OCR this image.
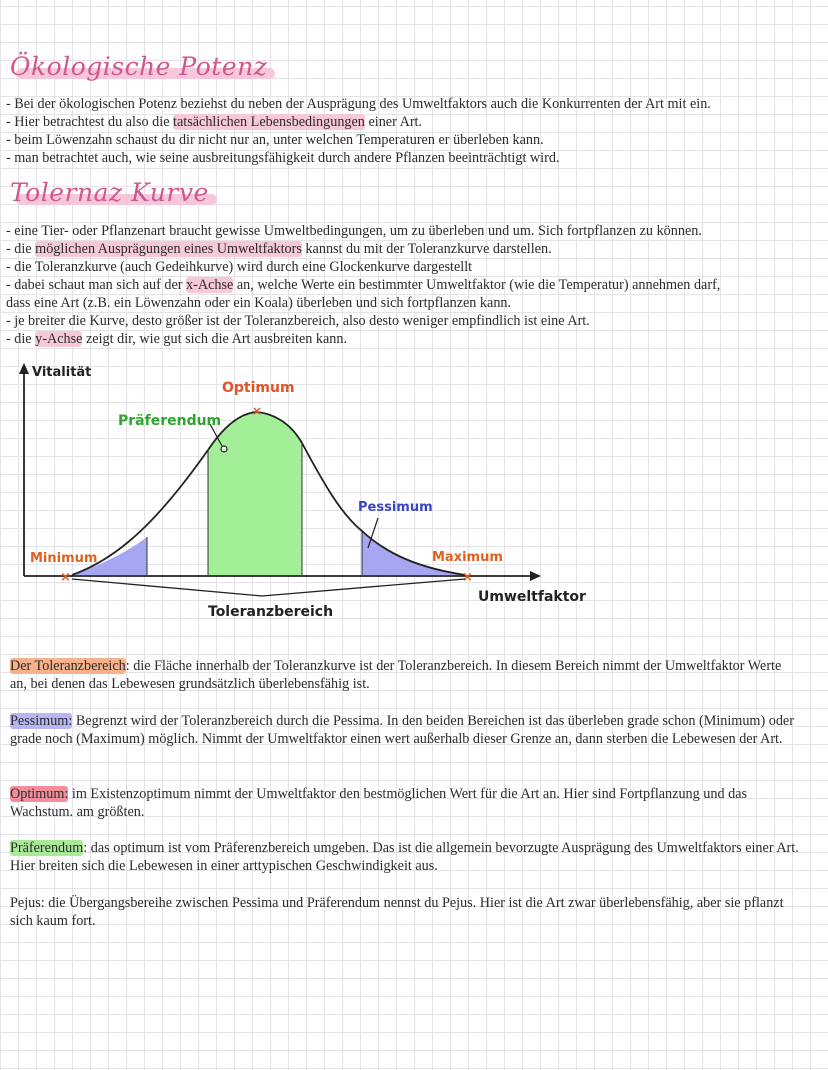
Ökologische Potenz
- Bei der ökologischen Potenz beziehst du neben der Ausprägung des Umweltfaktors auch die Konkurrenten der Art mit ein.
- Hier betrachtest du also die tatsächlichen Lebensbedingungen einer Art.
- beim Löwenzahn schaust du dir nicht nur an, unter welchen Temperaturen er überleben kann.
- man betrachtet auch, wie seine ausbreitungsfähigkeit durch andere Pflanzen beeinträchtigt wird.
Tolernaz Kurve
- eine Tier- oder Pflanzenart braucht gewisse Umweltbedingungen, um zu überleben und um. Sich fortpflanzen zu können.
- die möglichen Ausprägungen eines Umweltfaktors kannst du mit der Toleranzkurve darstellen.
- die Toleranzkurve (auch Gedeihkurve) wird durch eine Glockenkurve dargestellt
- dabei schaut man sich auf der x-Achse an, welche Werte ein bestimmter Umweltfaktor (wie die Temperatur) annehmen darf,
dass eine Art (z.B. ein Löwenzahn oder ein Koala) überleben und sich fortpflanzen kann.
- je breiter die Kurve, desto größer ist der Toleranzbereich, also desto weniger empfindlich ist eine Art.
- die y-Achse zeigt dir, wie gut sich die Art ausbreiten kann.
×	×
×
Vitalität
Optimum
Präferendum
Pessimum
Minimum	Maximum
Umweltfaktor
Toleranzbereich

Der Toleranzbereich: die Fläche innerhalb der Toleranzkurve ist der Toleranzbereich. In diesem Bereich nimmt der Umweltfaktor Werte an, bei denen das Lebewesen grundsätzlich überlebensfähig ist.

Pessimum: Begrenzt wird der Toleranzbereich durch die Pessima. In den beiden Bereichen ist das überleben grade schon (Minimum) oder grade noch (Maximum) möglich. Nimmt der Umweltfaktor einen wert außerhalb dieser Grenze an, dann sterben die Lebewesen der Art.

Optimum: im Existenzoptimum nimmt der Umweltfaktor den bestmöglichen Wert für die Art an. Hier sind Fortpflanzung und das Wachstum. am größten.

Präferendum: das optimum ist vom Präferenzbereich umgeben. Das ist die allgemein bevorzugte Ausprägung des Umweltfaktors einer Art. Hier breiten sich die Lebewesen in einer arttypischen Geschwindigkeit aus.

Pejus: die Übergangsbereihe zwischen Pessima und Präferendum nennst du Pejus. Hier ist die Art zwar überlebensfähig, aber sie pflanzt sich kaum fort.
